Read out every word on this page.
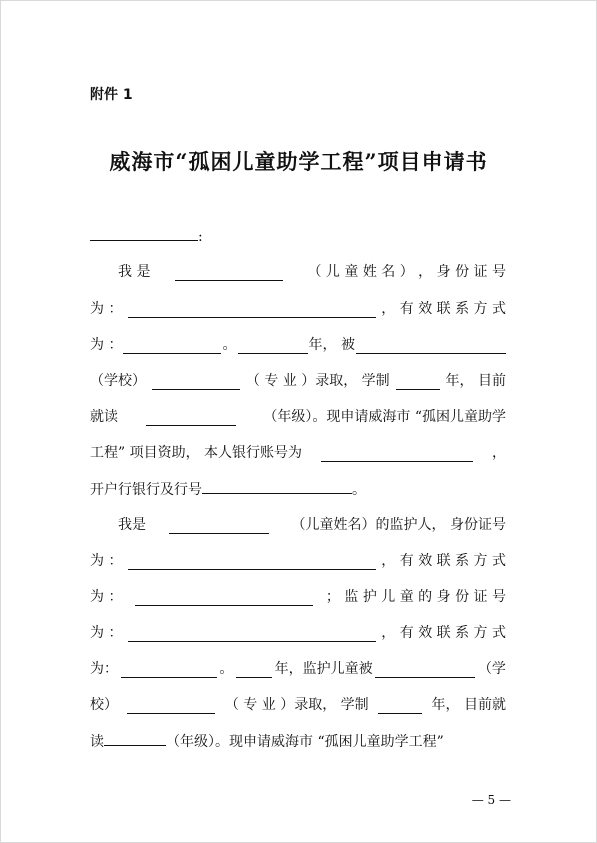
附件 1
威海市“孤困儿童助学工程”项目申请书
:
我 是	（ 儿 童 姓 名 ） ， 身 份 证 号
为 ：	， 有 效 联 系 方 式
为 ：	。	年， 被
（学校）	（ 专 业 ）录取， 学制	年， 目前
就读	（年级）。现申请威海市 “孤困儿童助学
工程” 项目资助， 本人银行账号为	，
开户行银行及行号	。
我是	（儿童姓名）的监护人， 身份证号
为 ：	， 有 效 联 系 方 式
为 ：	； 监 护 儿 童 的 身 份 证 号
为 ：	， 有 效 联 系 方 式
为：	。	年，监护儿童被	（学
校）	（ 专 业 ）录取， 学制	年， 目前就
读	（年级）。现申请威海市 “孤困儿童助学工程”
— 5 —
